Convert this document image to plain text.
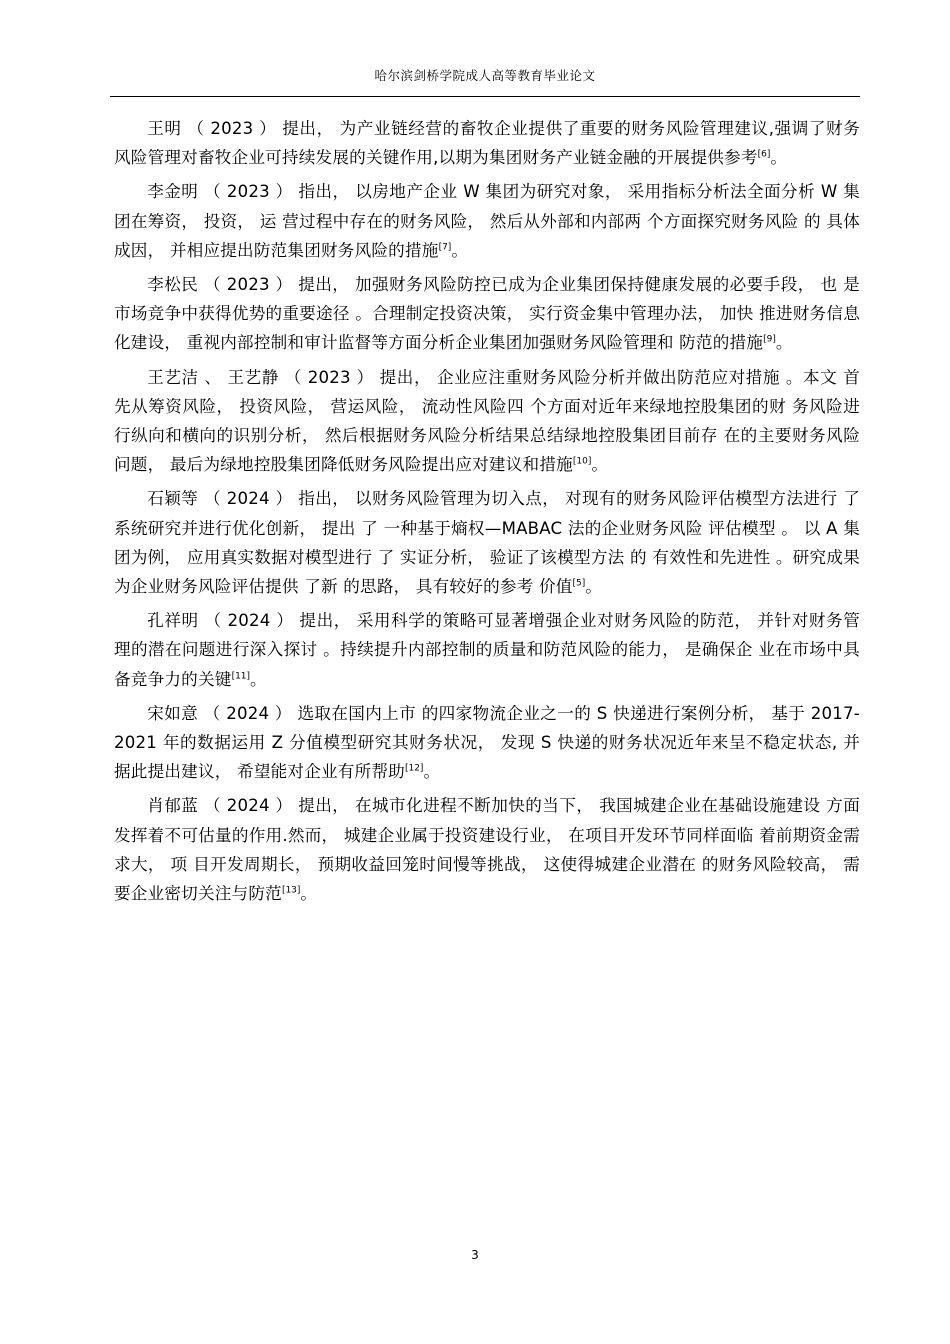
哈尔滨剑桥学院成人高等教育毕业论文

王明 （ 2023 ） 提出， 为产业链经营的畜牧企业提供了重要的财务风险管理建议,强调了财务风险管理对畜牧企业可持续发展的关键作用,以期为集团财务产业链金融的开展提供参考[6]。

李金明 （ 2023 ） 指出， 以房地产企业 W 集团为研究对象， 采用指标分析法全面分析 W 集 团在筹资， 投资， 运 营过程中存在的财务风险， 然后从外部和内部两 个方面探究财务风险 的 具体成因， 并相应提出防范集团财务风险的措施[7]。

李松民 （ 2023 ） 提出， 加强财务风险防控已成为企业集团保持健康发展的必要手段， 也 是市场竞争中获得优势的重要途径 。合理制定投资决策， 实行资金集中管理办法， 加快 推进财务信息化建设， 重视内部控制和审计监督等方面分析企业集团加强财务风险管理和 防范的措施[9]。

王艺洁 、 王艺静 （ 2023 ） 提出， 企业应注重财务风险分析并做出防范应对措施 。本文 首先从筹资风险， 投资风险， 营运风险， 流动性风险四 个方面对近年来绿地控股集团的财 务风险进行纵向和横向的识别分析， 然后根据财务风险分析结果总结绿地控股集团目前存 在的主要财务风险问题， 最后为绿地控股集团降低财务风险提出应对建议和措施[10]。

石颖等 （ 2024 ） 指出， 以财务风险管理为切入点， 对现有的财务风险评估模型方法进行 了 系统研究并进行优化创新， 提出 了 一种基于熵权—MABAC 法的企业财务风险 评估模型 。 以 A 集团为例， 应用真实数据对模型进行 了 实证分析， 验证了该模型方法 的 有效性和先进性 。研究成果为企业财务风险评估提供 了新 的思路， 具有较好的参考 价值[5]。

孔祥明 （ 2024 ） 提出， 采用科学的策略可显著增强企业对财务风险的防范， 并针对财务管理的潜在问题进行深入探讨 。持续提升内部控制的质量和防范风险的能力， 是确保企 业在市场中具备竞争力的关键[11]。

宋如意 （ 2024 ） 选取在国内上市 的四家物流企业之一的 S 快递进行案例分析， 基于 2017- 2021 年的数据运用 Z 分值模型研究其财务状况， 发现 S 快递的财务状况近年来呈不稳定状态, 并据此提出建议， 希望能对企业有所帮助[12]。

肖郁蓝 （ 2024 ） 提出， 在城市化进程不断加快的当下， 我国城建企业在基础设施建设 方面发挥着不可估量的作用.然而， 城建企业属于投资建设行业， 在项目开发环节同样面临 着前期资金需求大， 项 目开发周期长， 预期收益回笼时间慢等挑战， 这使得城建企业潜在 的财务风险较高， 需要企业密切关注与防范[13]。

3
